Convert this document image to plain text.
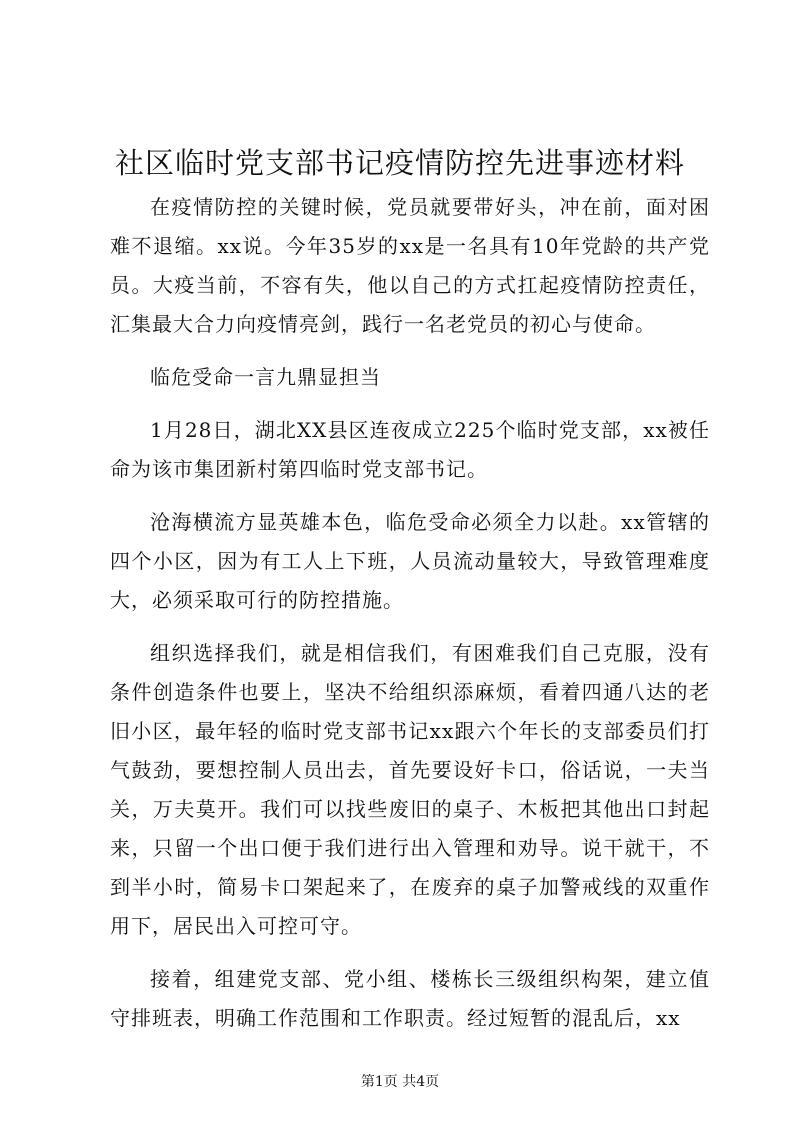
社区临时党支部书记疫情防控先进事迹材料

在疫情防控的关键时候，党员就要带好头，冲在前，面对困难不退缩。xx说。今年35岁的xx是一名具有10年党龄的共产党员。大疫当前，不容有失，他以自己的方式扛起疫情防控责任，汇集最大合力向疫情亮剑，践行一名老党员的初心与使命。

临危受命一言九鼎显担当

1月28日，湖北XX县区连夜成立225个临时党支部，xx被任命为该市集团新村第四临时党支部书记。

沧海横流方显英雄本色，临危受命必须全力以赴。xx管辖的四个小区，因为有工人上下班，人员流动量较大，导致管理难度大，必须采取可行的防控措施。

组织选择我们，就是相信我们，有困难我们自己克服，没有条件创造条件也要上，坚决不给组织添麻烦，看着四通八达的老旧小区，最年轻的临时党支部书记xx跟六个年长的支部委员们打气鼓劲，要想控制人员出去，首先要设好卡口，俗话说，一夫当关，万夫莫开。我们可以找些废旧的桌子、木板把其他出口封起来，只留一个出口便于我们进行出入管理和劝导。说干就干，不到半小时，简易卡口架起来了，在废弃的桌子加警戒线的双重作用下，居民出入可控可守。

接着，组建党支部、党小组、楼栋长三级组织构架，建立值守排班表，明确工作范围和工作职责。经过短暂的混乱后，xx

第1页 共4页
